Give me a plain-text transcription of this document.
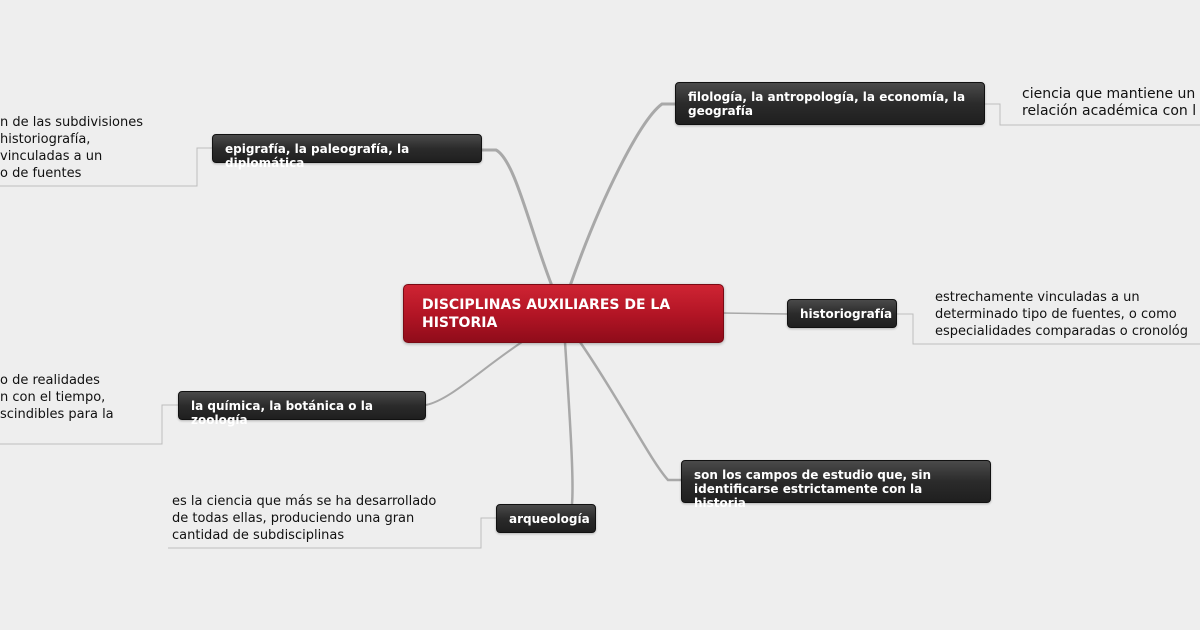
DISCIPLINAS AUXILIARES DE LA HISTORIA
filología, la antropología, la economía, la geografía
ciencia que mantiene un
relación académica con l
epigrafía, la paleografía, la diplomática
n de las subdivisiones
historiografía,
vinculadas a un
o de fuentes
historiografía
estrechamente vinculadas a un
determinado tipo de fuentes, o como
especialidades comparadas o cronológ
la química, la botánica o la zoología
o de realidades
n con el tiempo,
scindibles para la
son los campos de estudio que, sin identificarse estrictamente con la historia
arqueología
es la ciencia que más se ha desarrollado
de todas ellas, produciendo una gran
cantidad de subdisciplinas
